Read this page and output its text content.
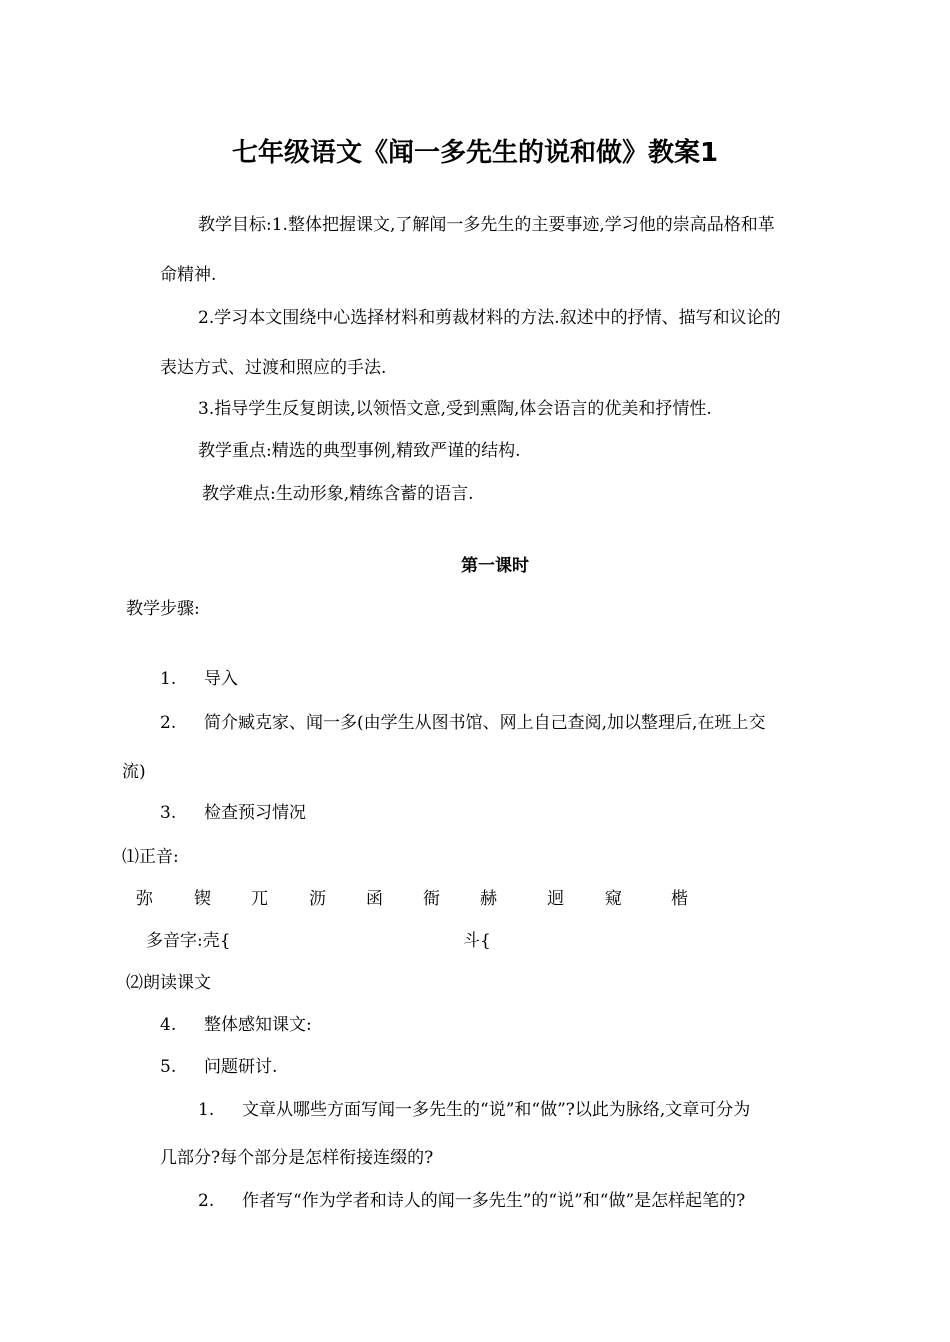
七年级语文《闻一多先生的说和做》教案1
教学目标:1.整体把握课文,了解闻一多先生的主要事迹,学习他的崇高品格和革
命精神.
2.学习本文围绕中心选择材料和剪裁材料的方法.叙述中的抒情、描写和议论的
表达方式、过渡和照应的手法.
3.指导学生反复朗读,以领悟文意,受到熏陶,体会语言的优美和抒情性.
教学重点:精选的典型事例,精致严谨的结构.
教学难点:生动形象,精练含蓄的语言.
第一课时
教学步骤:
1. 导入
2. 简介臧克家、闻一多(由学生从图书馆、网上自己查阅,加以整理后,在班上交
流)
3. 检查预习情况
⑴正音:
弥 锲 兀 沥 函 衙 赫	迥 窥	楷
多音字:壳{	斗{
⑵朗读课文
4. 整体感知课文:
5. 问题研讨.
1. 文章从哪些方面写闻一多先生的“说”和“做”?以此为脉络,文章可分为
几部分?每个部分是怎样衔接连缀的?
2. 作者写“作为学者和诗人的闻一多先生”的“说”和“做”是怎样起笔的?
